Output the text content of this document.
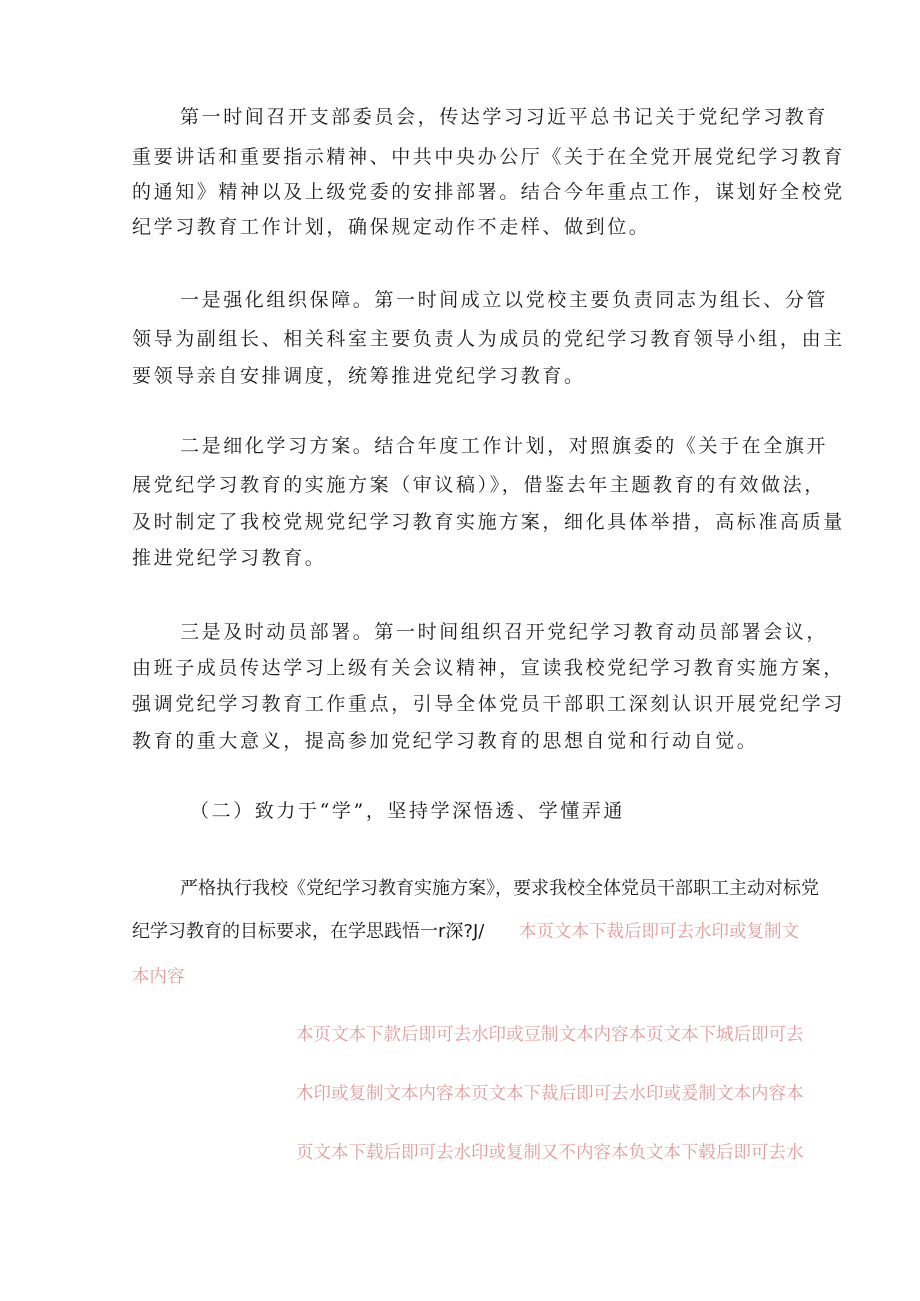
第一时间召开支部委员会，传达学习习近平总书记关于党纪学习教育
重要讲话和重要指示精神、中共中央办公厅《关于在全党开展党纪学习教育
的通知》精神以及上级党委的安排部署。结合今年重点工作，谋划好全校党
纪学习教育工作计划，确保规定动作不走样、做到位。
一是强化组织保障。第一时间成立以党校主要负责同志为组长、分管
领导为副组长、相关科室主要负责人为成员的党纪学习教育领导小组，由主
要领导亲自安排调度，统筹推进党纪学习教育。
二是细化学习方案。结合年度工作计划，对照旗委的《关于在全旗开
展党纪学习教育的实施方案（审议稿）》，借鉴去年主题教育的有效做法，
及时制定了我校党规党纪学习教育实施方案，细化具体举措，高标准高质量
推进党纪学习教育。
三是及时动员部署。第一时间组织召开党纪学习教育动员部署会议，
由班子成员传达学习上级有关会议精神，宣读我校党纪学习教育实施方案，
强调党纪学习教育工作重点，引导全体党员干部职工深刻认识开展党纪学习
教育的重大意义，提高参加党纪学习教育的思想自觉和行动自觉。
（二）致力于“学”，坚持学深悟透、学懂弄通
严格执行我校《党纪学习教育实施方案》，要求我校全体党员干部职工主动对标党
纪学习教育的目标要求，在学思践悟一r深?J/ 本页文本下裁后即可去水印或复制文
本内容
本页文本下款后即可去水印或豆制文本内容本页文本下城后即可去
木印或复制文本内容本页文本下裁后即可去水印或爰制文本内容本
页文本下载后即可去水印或复制又不内容本负文本下毂后即可去水
